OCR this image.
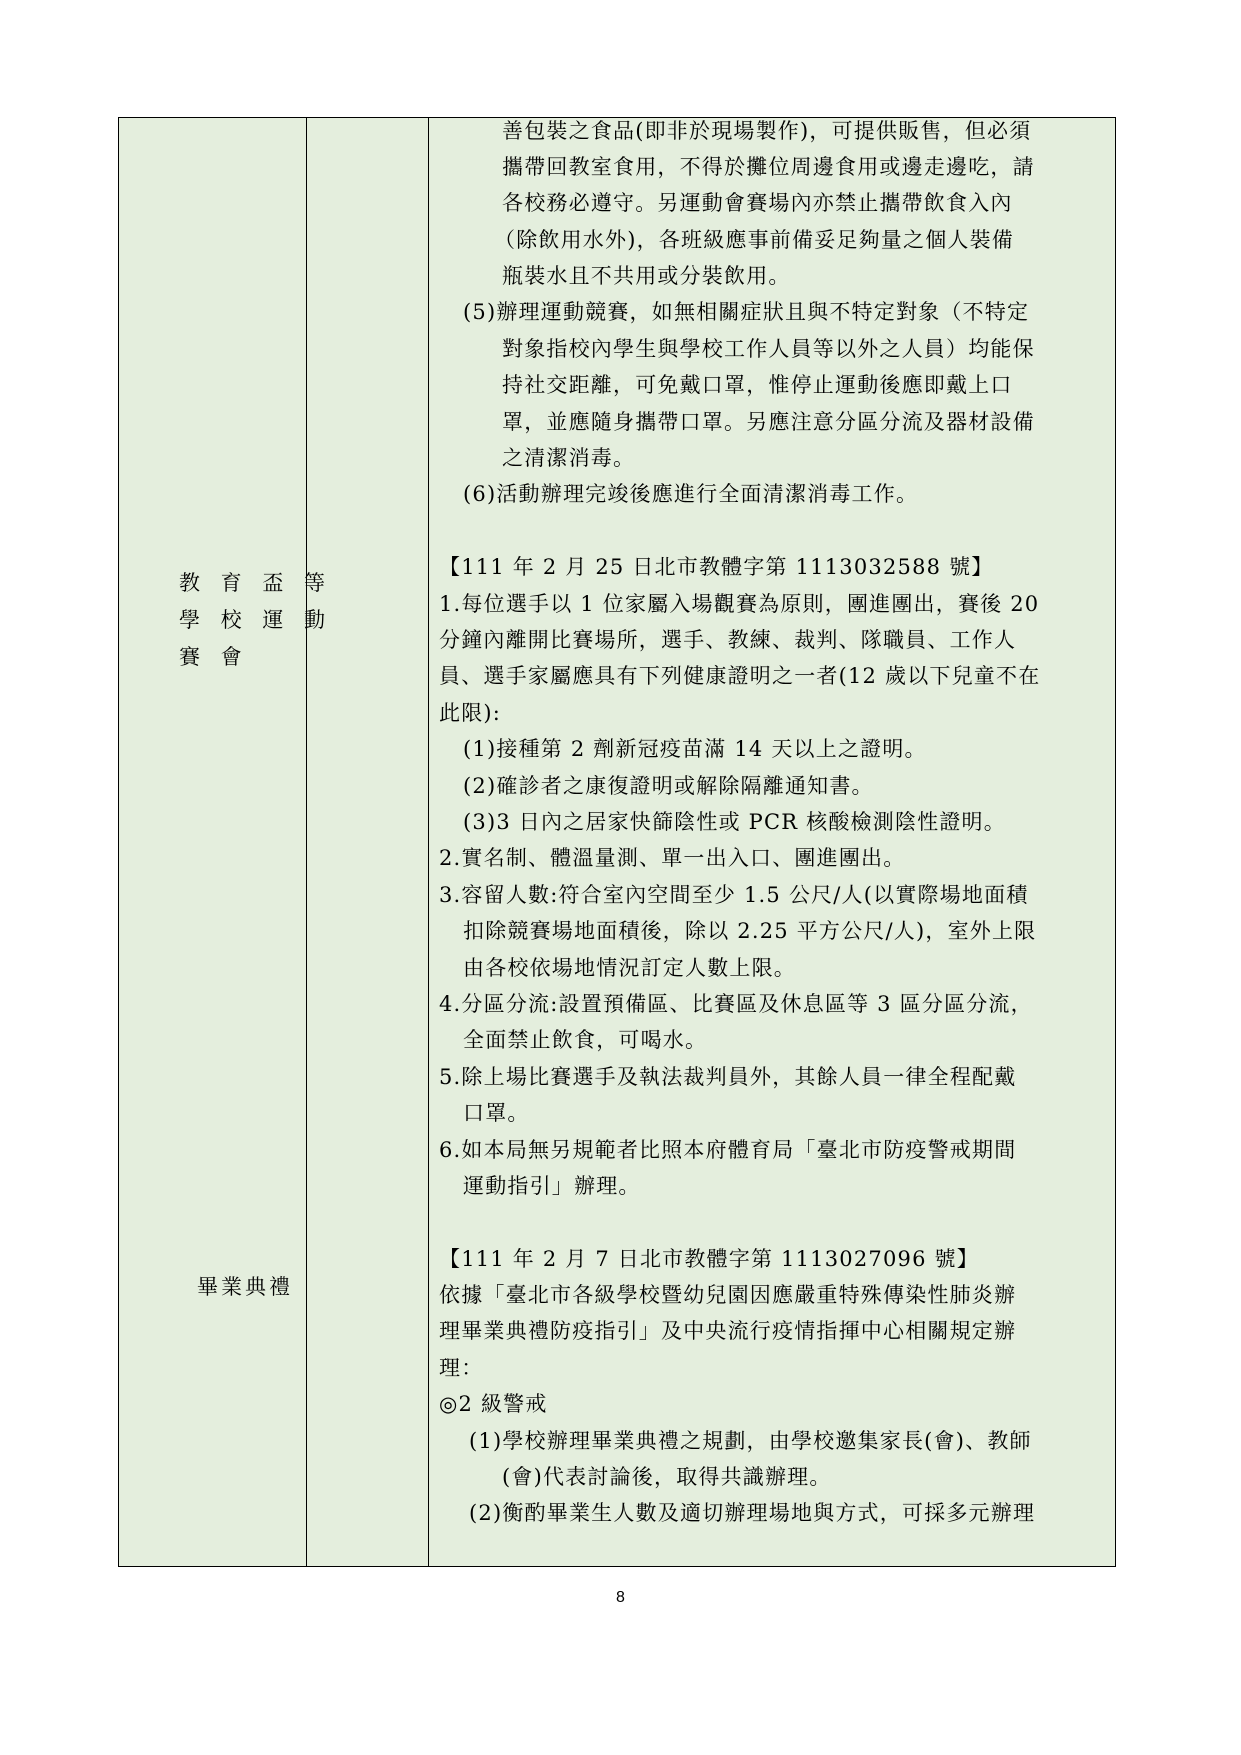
教 育 盃 等
學 校 運 動
賽 會
畢業典禮
善包裝之食品(即非於現場製作)，可提供販售，但必須
攜帶回教室食用，不得於攤位周邊食用或邊走邊吃，請
各校務必遵守。另運動會賽場內亦禁止攜帶飲食入內
（除飲用水外)，各班級應事前備妥足夠量之個人裝備
瓶裝水且不共用或分裝飲用。
(5)辦理運動競賽，如無相關症狀且與不特定對象（不特定
對象指校內學生與學校工作人員等以外之人員）均能保
持社交距離，可免戴口罩，惟停止運動後應即戴上口
罩，並應隨身攜帶口罩。另應注意分區分流及器材設備
之清潔消毒。
(6)活動辦理完竣後應進行全面清潔消毒工作。
【111 年 2 月 25 日北市教體字第 1113032588 號】
1.每位選手以 1 位家屬入場觀賽為原則，團進團出，賽後 20
分鐘內離開比賽場所，選手、教練、裁判、隊職員、工作人
員、選手家屬應具有下列健康證明之一者(12 歲以下兒童不在
此限):
(1)接種第 2 劑新冠疫苗滿 14 天以上之證明。
(2)確診者之康復證明或解除隔離通知書。
(3)3 日內之居家快篩陰性或 PCR 核酸檢測陰性證明。
2.實名制、體溫量測、單一出入口、團進團出。
3.容留人數:符合室內空間至少 1.5 公尺/人(以實際場地面積
扣除競賽場地面積後，除以 2.25 平方公尺/人)，室外上限
由各校依場地情況訂定人數上限。
4.分區分流:設置預備區、比賽區及休息區等 3 區分區分流，
全面禁止飲食，可喝水。
5.除上場比賽選手及執法裁判員外，其餘人員一律全程配戴
口罩。
6.如本局無另規範者比照本府體育局「臺北市防疫警戒期間
運動指引」辦理。
【111 年 2 月 7 日北市教體字第 1113027096 號】
依據「臺北市各級學校暨幼兒園因應嚴重特殊傳染性肺炎辦
理畢業典禮防疫指引」及中央流行疫情指揮中心相關規定辦
理：
◎2 級警戒
(1)學校辦理畢業典禮之規劃，由學校邀集家長(會)、教師
(會)代表討論後，取得共識辦理。
(2)衡酌畢業生人數及適切辦理場地與方式，可採多元辦理
8
